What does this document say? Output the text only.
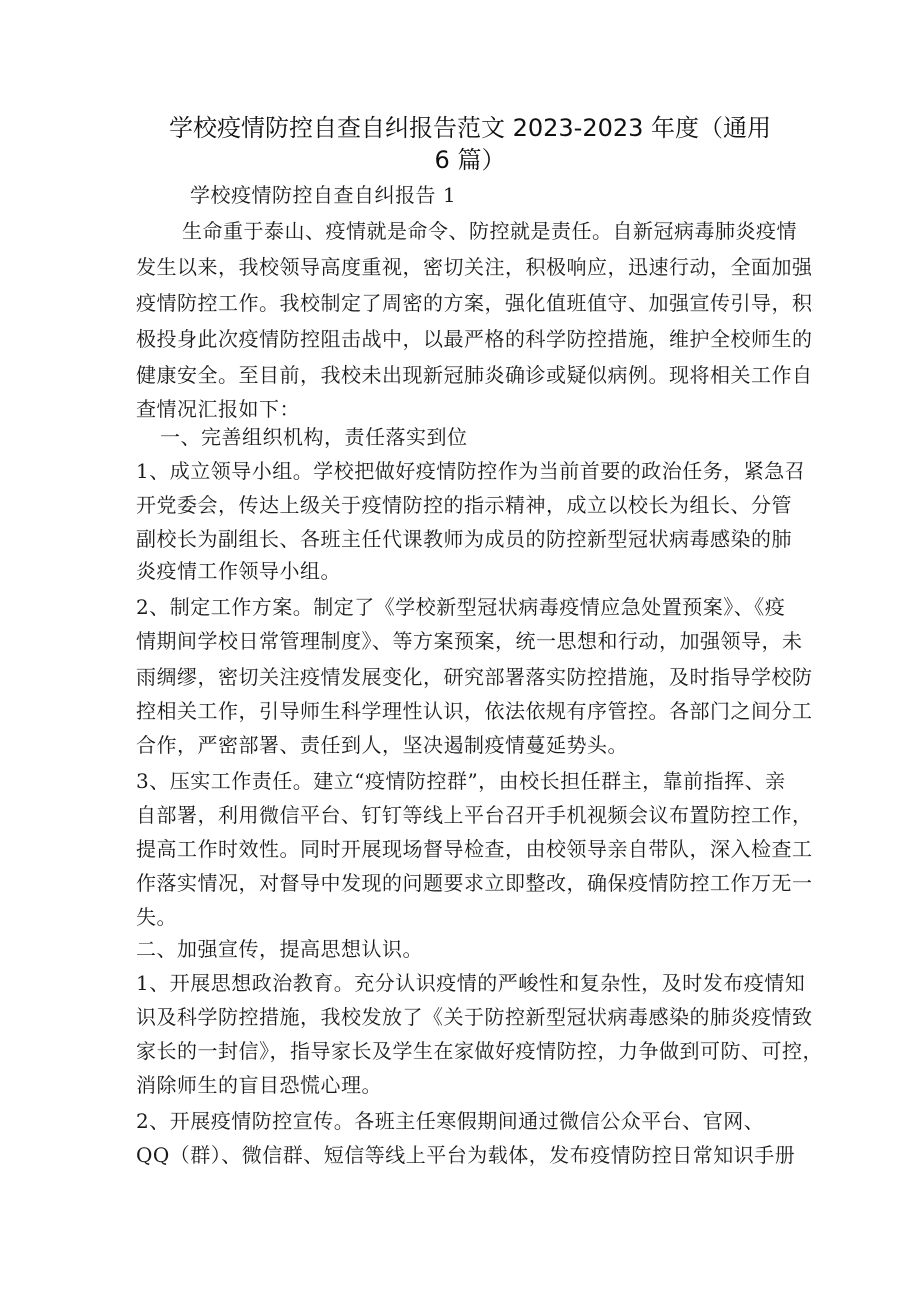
学校疫情防控自查自纠报告范文 2023-2023 年度（通用
6 篇）
学校疫情防控自查自纠报告 1
生命重于泰山、疫情就是命令、防控就是责任。自新冠病毒肺炎疫情
发生以来，我校领导高度重视，密切关注，积极响应，迅速行动，全面加强
疫情防控工作。我校制定了周密的方案，强化值班值守、加强宣传引导，积
极投身此次疫情防控阻击战中，以最严格的科学防控措施，维护全校师生的
健康安全。至目前，我校未出现新冠肺炎确诊或疑似病例。现将相关工作自
查情况汇报如下：
一、完善组织机构，责任落实到位
1、成立领导小组。学校把做好疫情防控作为当前首要的政治任务，紧急召
开党委会，传达上级关于疫情防控的指示精神，成立以校长为组长、分管
副校长为副组长、各班主任代课教师为成员的防控新型冠状病毒感染的肺
炎疫情工作领导小组。
2、制定工作方案。制定了《学校新型冠状病毒疫情应急处置预案》、《疫
情期间学校日常管理制度》、等方案预案，统一思想和行动，加强领导，未
雨绸缪，密切关注疫情发展变化，研究部署落实防控措施，及时指导学校防
控相关工作，引导师生科学理性认识，依法依规有序管控。各部门之间分工
合作，严密部署、责任到人，坚决遏制疫情蔓延势头。
3、压实工作责任。建立“疫情防控群”，由校长担任群主，靠前指挥、亲
自部署，利用微信平台、钉钉等线上平台召开手机视频会议布置防控工作，
提高工作时效性。同时开展现场督导检查，由校领导亲自带队，深入检查工
作落实情况，对督导中发现的问题要求立即整改，确保疫情防控工作万无一
失。
二、加强宣传，提高思想认识。
1、开展思想政治教育。充分认识疫情的严峻性和复杂性，及时发布疫情知
识及科学防控措施，我校发放了《关于防控新型冠状病毒感染的肺炎疫情致
家长的一封信》，指导家长及学生在家做好疫情防控，力争做到可防、可控，
消除师生的盲目恐慌心理。
2、开展疫情防控宣传。各班主任寒假期间通过微信公众平台、官网、
QQ（群）、微信群、短信等线上平台为载体，发布疫情防控日常知识手册
